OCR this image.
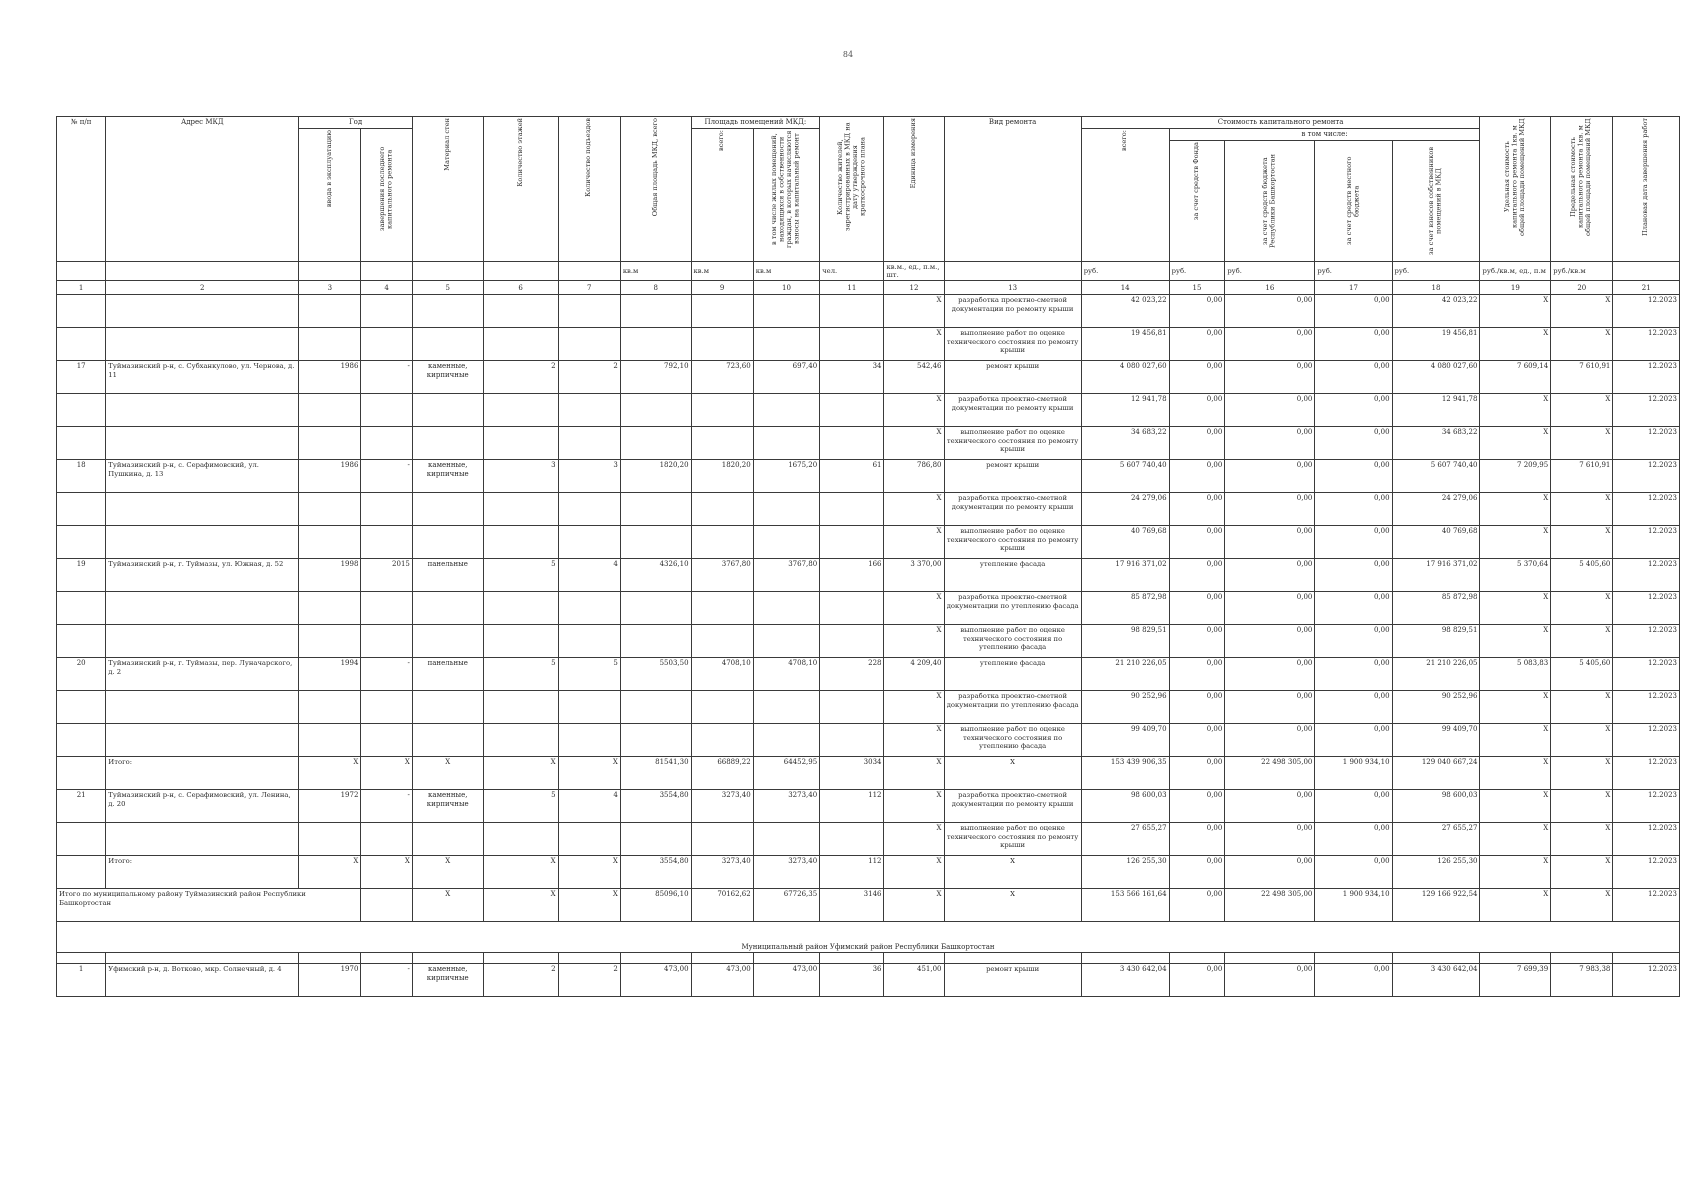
84
№ п/п	Адрес МКД	Год		Материал стен	Количество этажей	Количество подъездов	Общая площадь МКД, всего	Площадь помещений МКД:		Количество жителей, зарегистрированных в МКД на дату утверждения краткосрочного плана	Единица измерения	Вид ремонта	Стоимость капитального ремонта					Удельная стоимость капитального ремонта 1кв. м общей площади помещений МКД	Предельная стоимость капитального ремонта 1кв. м общей площади помещений МКД	Плановая дата завершения работ

		ввода в эксплуатацию	завершения последнего капитального ремонта					всего:	в том числе жилых помещений, находящихся в собственности граждан, в которых начисляются взносы на капитальный ремонт				всего:	в том числе:						

														за счет средств Фонда	за счет средств бюджета Республики Башкортостан	за счет средств местного бюджета	за счет взносов собственников помещений в МКД			

							кв.м	кв.м	кв.м	чел.	кв.м., ед., п.м., шт.		руб.	руб.	руб.	руб.	руб.	руб./кв.м, ед., п.м	руб./кв.м	
1	2	3	4	5	6	7	8	9	10	11	12	13	14	15	16	17	18	19	20	21
											X	разработка проектно-сметной документации по ремонту крыши	42 023,22	0,00	0,00	0,00	42 023,22	X	X	12.2023
											X	выполнение работ по оценке технического состояния по ремонту крыши	19 456,81	0,00	0,00	0,00	19 456,81	X	X	12.2023
17	Туймазинский р-н, с. Субханкулово, ул. Чернова, д. 11	1986	-	каменные, кирпичные	2	2	792,10	723,60	697,40	34	542,46	ремонт крыши	4 080 027,60	0,00	0,00	0,00	4 080 027,60	7 609,14	7 610,91	12.2023
											X	разработка проектно-сметной документации по ремонту крыши	12 941,78	0,00	0,00	0,00	12 941,78	X	X	12.2023
											X	выполнение работ по оценке технического состояния по ремонту крыши	34 683,22	0,00	0,00	0,00	34 683,22	X	X	12.2023
18	Туймазинский р-н, с. Серафимовский, ул. Пушкина, д. 13	1986	-	каменные, кирпичные	3	3	1820,20	1820,20	1675,20	61	786,80	ремонт крыши	5 607 740,40	0,00	0,00	0,00	5 607 740,40	7 209,95	7 610,91	12.2023
											X	разработка проектно-сметной документации по ремонту крыши	24 279,06	0,00	0,00	0,00	24 279,06	X	X	12.2023
											X	выполнение работ по оценке технического состояния по ремонту крыши	40 769,68	0,00	0,00	0,00	40 769,68	X	X	12.2023
19	Туймазинский р-н, г. Туймазы, ул. Южная, д. 52	1998	2015	панельные	5	4	4326,10	3767,80	3767,80	166	3 370,00	утепление фасада	17 916 371,02	0,00	0,00	0,00	17 916 371,02	5 370,64	5 405,60	12.2023
											X	разработка проектно-сметной документации по утеплению фасада	85 872,98	0,00	0,00	0,00	85 872,98	X	X	12.2023
											X	выполнение работ по оценке технического состояния по утеплению фасада	98 829,51	0,00	0,00	0,00	98 829,51	X	X	12.2023
20	Туймазинский р-н, г. Туймазы, пер. Луначарского, д. 2	1994	-	панельные	5	5	5503,50	4708,10	4708,10	228	4 209,40	утепление фасада	21 210 226,05	0,00	0,00	0,00	21 210 226,05	5 083,83	5 405,60	12.2023
											X	разработка проектно-сметной документации по утеплению фасада	90 252,96	0,00	0,00	0,00	90 252,96	X	X	12.2023
											X	выполнение работ по оценке технического состояния по утеплению фасада	99 409,70	0,00	0,00	0,00	99 409,70	X	X	12.2023
	Итого:	X	X	X	X	X	81541,30	66889,22	64452,95	3034	X	X	153 439 906,35	0,00	22 498 305,00	1 900 934,10	129 040 667,24	X	X	12.2023
21	Туймазинский р-н, с. Серафимовский, ул. Ленина, д. 20	1972	-	каменные, кирпичные	5	4	3554,80	3273,40	3273,40	112	X	разработка проектно-сметной документации по ремонту крыши	98 600,03	0,00	0,00	0,00	98 600,03	X	X	12.2023
											X	выполнение работ по оценке технического состояния по ремонту крыши	27 655,27	0,00	0,00	0,00	27 655,27	X	X	12.2023
	Итого:	X	X	X	X	X	3554,80	3273,40	3273,40	112	X	X	126 255,30	0,00	0,00	0,00	126 255,30	X	X	12.2023
Итого по муниципальному району Туймазинский район Республики Башкортостан				X	X	X	85096,10	70162,62	67726,35	3146	X	X	153 566 161,64	0,00	22 498 305,00	1 900 934,10	129 166 922,54	X	X	12.2023
Муниципальный район Уфимский район Республики Башкортостан																				

1	Уфимский р-н, д. Вотково, мкр. Солнечный, д. 4	1970	-	каменные, кирпичные	2	2	473,00	473,00	473,00	36	451,00	ремонт крыши	3 430 642,04	0,00	0,00	0,00	3 430 642,04	7 699,39	7 983,38	12.2023
